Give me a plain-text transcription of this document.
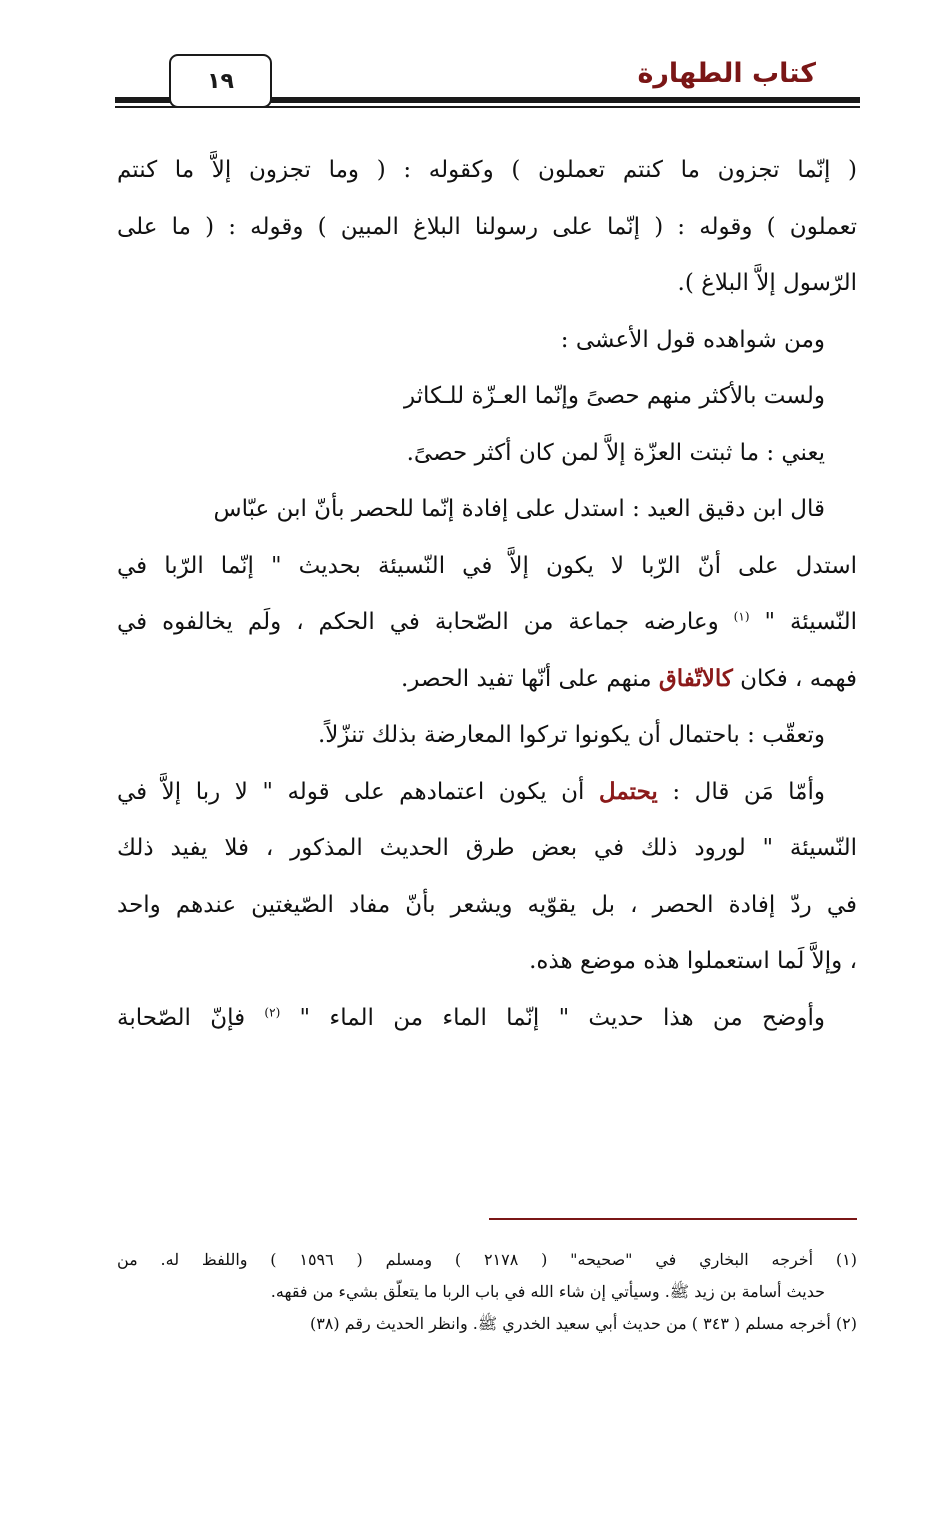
كتاب الطهارة
١٩
( إنّما تجزون ما كنتم تعملون ) وكقوله : ( وما تجزون إلاَّ ما كنتم
تعملون ) وقوله : ( إنّما على رسولنا البلاغ المبين ) وقوله : ( ما على
الرّسول إلاَّ البلاغ ).
ومن شواهده قول الأعشى :
ولست بالأكثر منهم حصىً وإنّما العـزّة للـكاثر
يعني : ما ثبتت العزّة إلاَّ لمن كان أكثر حصىً.
قال ابن دقيق العيد : استدل على إفادة إنّما للحصر بأنّ ابن عبّاس
استدل على أنّ الرّبا لا يكون إلاَّ في النّسيئة بحديث " إنّما الرّبا في
النّسيئة " $^{(١)}$ وعارضه جماعة من الصّحابة في الحكم ، ولَم يخالفوه في
فهمه ، فكان كالاتّفاق منهم على أنّها تفيد الحصر.
وتعقّب : باحتمال أن يكونوا تركوا المعارضة بذلك تنزّلاً.
وأمّا مَن قال : يحتمل أن يكون اعتمادهم على قوله " لا ربا إلاَّ في
النّسيئة " لورود ذلك في بعض طرق الحديث المذكور ، فلا يفيد ذلك
في ردّ إفادة الحصر ، بل يقوّيه ويشعر بأنّ مفاد الصّيغتين عندهم واحد
، وإلاَّ لَما استعملوا هذه موضع هذه.
وأوضح من هذا حديث " إنّما الماء من الماء " $^{(٢)}$ فإنّ الصّحابة
(١) أخرجه البخاري في "صحيحه" ( ٢١٧٨ ) ومسلم ( ١٥٩٦ ) واللفظ له. من
حديث أسامة بن زيد ﷺ. وسيأتي إن شاء الله في باب الربا ما يتعلّق بشيء من فقهه.
(٢) أخرجه مسلم ( ٣٤٣ ) من حديث أبي سعيد الخدري ﷺ. وانظر الحديث رقم (٣٨)
